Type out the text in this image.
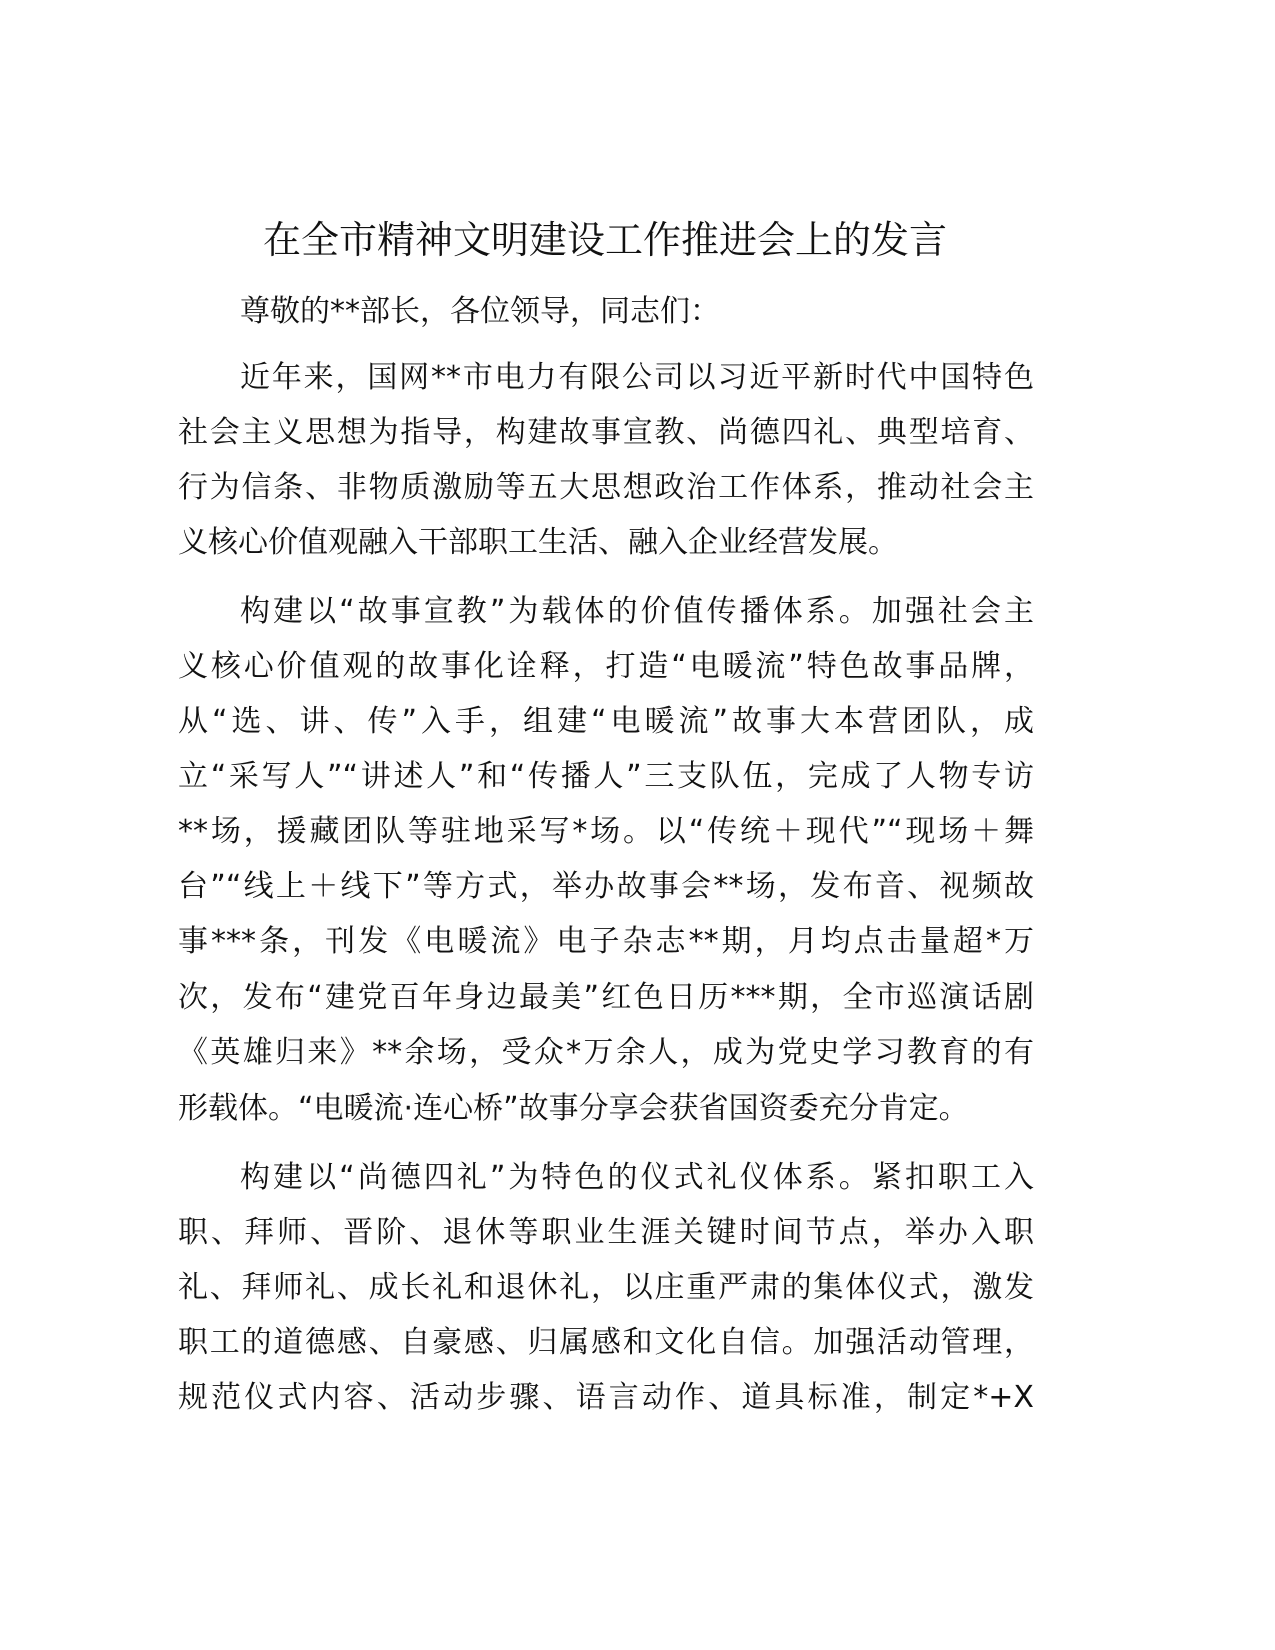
在全市精神文明建设工作推进会上的发言
尊敬的**部长，各位领导，同志们：
近年来，国网**市电力有限公司以习近平新时代中国特色
社会主义思想为指导，构建故事宣教、尚德四礼、典型培育、
行为信条、非物质激励等五大思想政治工作体系，推动社会主
义核心价值观融入干部职工生活、融入企业经营发展。
构建以“故事宣教”为载体的价值传播体系。加强社会主
义核心价值观的故事化诠释，打造“电暖流”特色故事品牌，
从“选、讲、传”入手，组建“电暖流”故事大本营团队，成
立“采写人”“讲述人”和“传播人”三支队伍，完成了人物专访
**场，援藏团队等驻地采写*场。以“传统＋现代”“现场＋舞
台”“线上＋线下”等方式，举办故事会**场，发布音、视频故
事***条，刊发《电暖流》电子杂志**期，月均点击量超*万
次，发布“建党百年身边最美”红色日历***期，全市巡演话剧
《英雄归来》**余场，受众*万余人，成为党史学习教育的有
形载体。“电暖流·连心桥”故事分享会获省国资委充分肯定。
构建以“尚德四礼”为特色的仪式礼仪体系。紧扣职工入
职、拜师、晋阶、退休等职业生涯关键时间节点，举办入职
礼、拜师礼、成长礼和退休礼，以庄重严肃的集体仪式，激发
职工的道德感、自豪感、归属感和文化自信。加强活动管理，
规范仪式内容、活动步骤、语言动作、道具标准，制定*+X
